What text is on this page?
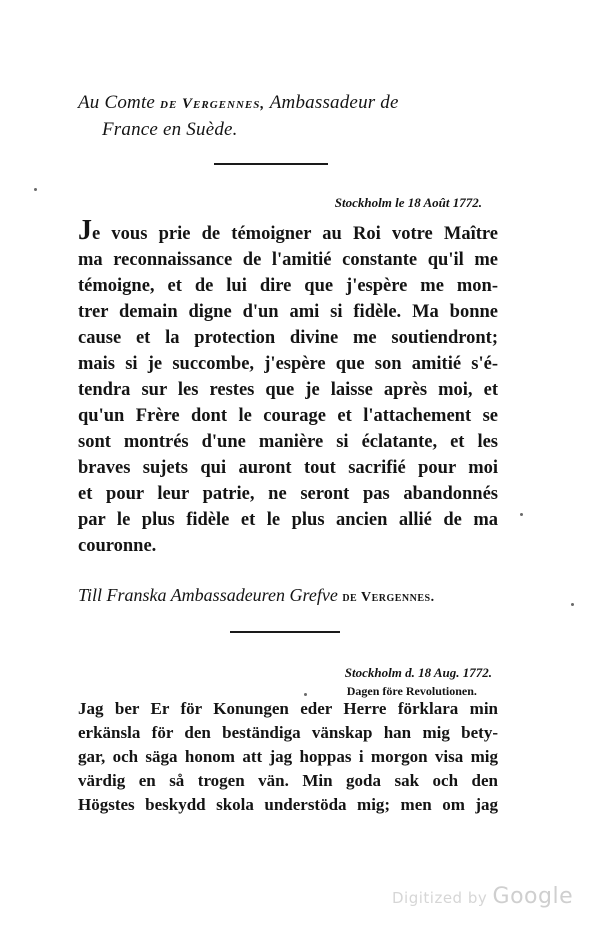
Au Comte de Vergennes, Ambassadeur de
France en Suède.
Stockholm le 18 Août 1772.
Je vous prie de témoigner au Roi votre Maître
ma reconnaissance de l'amitié constante qu'il me
témoigne, et de lui dire que j'espère me mon-
trer demain digne d'un ami si fidèle. Ma bonne
cause et la protection divine me soutiendront;
mais si je succombe, j'espère que son amitié s'é-
tendra sur les restes que je laisse après moi, et
qu'un Frère dont le courage et l'attachement se
sont montrés d'une manière si éclatante, et les
braves sujets qui auront tout sacrifié pour moi
et pour leur patrie, ne seront pas abandonnés
par le plus fidèle et le plus ancien allié de ma
couronne.
Till Franska Ambassadeuren Grefve de Vergennes.
Stockholm d. 18 Aug. 1772.
Dagen före Revolutionen.
Jag ber Er för Konungen eder Herre förklara min
erkänsla för den beständiga vänskap han mig bety-
gar, och säga honom att jag hoppas i morgon visa mig
värdig en så trogen vän. Min goda sak och den
Högstes beskydd skola understöda mig; men om jag
Digitized by Google
